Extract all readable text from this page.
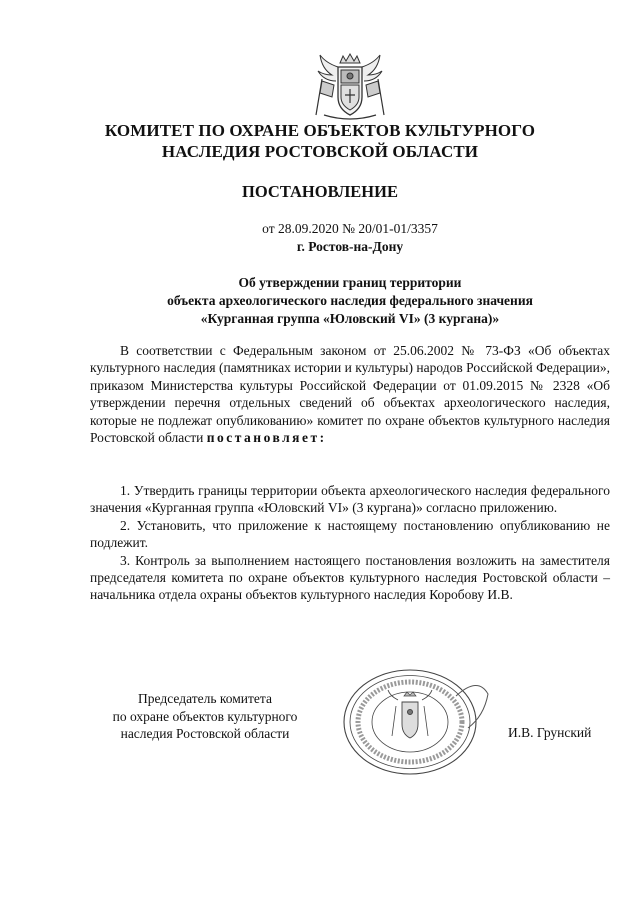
КОМИТЕТ ПО ОХРАНЕ ОБЪЕКТОВ КУЛЬТУРНОГО
НАСЛЕДИЯ РОСТОВСКОЙ ОБЛАСТИ
ПОСТАНОВЛЕНИЕ
от 28.09.2020 № 20/01-01/3357
г. Ростов-на-Дону
Об утверждении границ территории
объекта археологического наследия федерального значения
«Курганная группа «Юловский VI» (3 кургана)»

В соответствии с Федеральным законом от 25.06.2002 № 73-ФЗ «Об объектах культурного наследия (памятниках истории и культуры) народов Российской Федерации», приказом Министерства культуры Российской Федерации от 01.09.2015 № 2328 «Об утверждении перечня отдельных сведений об объектах археологического наследия, которые не подлежат опубликованию» комитет по охране объектов культурного наследия Ростовской области постановляет:

1. Утвердить границы территории объекта археологического наследия федерального значения «Курганная группа «Юловский VI» (3 кургана)» согласно приложению.

2. Установить, что приложение к настоящему постановлению опубликованию не подлежит.

3. Контроль за выполнением настоящего постановления возложить на заместителя председателя комитета по охране объектов культурного наследия Ростовской области – начальника отдела охраны объектов культурного наследия Коробову И.В.

Председатель комитета
по охране объектов культурного
наследия Ростовской области	И.В. Грунский
